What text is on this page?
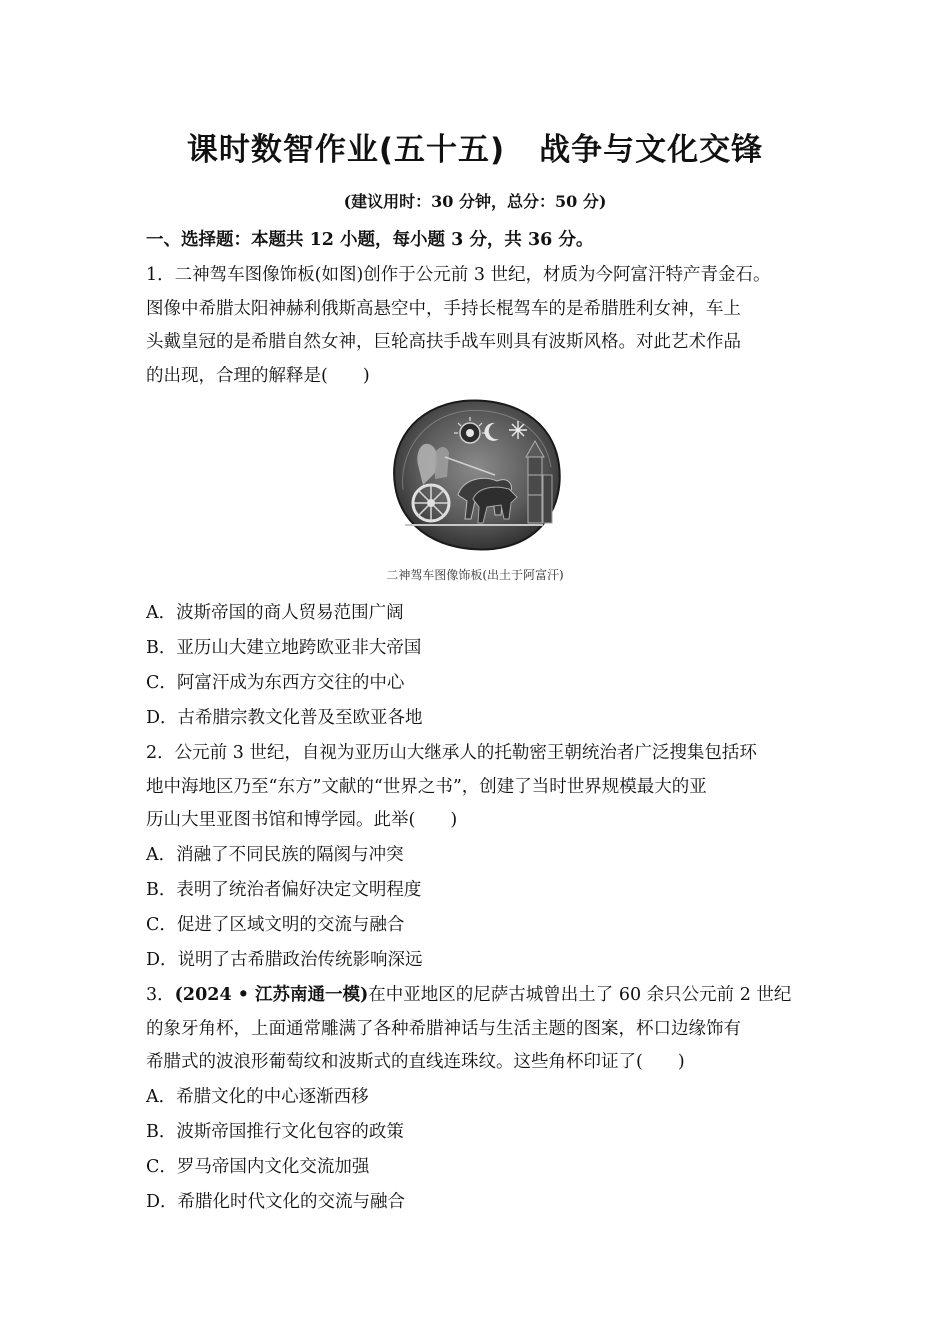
课时数智作业(五十五) 战争与文化交锋
(建议用时：30 分钟，总分：50 分)
一、选择题：本题共 12 小题，每小题 3 分，共 36 分。
1．二神驾车图像饰板(如图)创作于公元前 3 世纪，材质为今阿富汗特产青金石。
图像中希腊太阳神赫利俄斯高悬空中，手持长棍驾车的是希腊胜利女神，车上
头戴皇冠的是希腊自然女神，巨轮高扶手战车则具有波斯风格。对此艺术作品
的出现，合理的解释是(　　)
二神驾车图像饰板(出土于阿富汗)
A．波斯帝国的商人贸易范围广阔
B．亚历山大建立地跨欧亚非大帝国
C．阿富汗成为东西方交往的中心
D．古希腊宗教文化普及至欧亚各地
2．公元前 3 世纪，自视为亚历山大继承人的托勒密王朝统治者广泛搜集包括环
地中海地区乃至“东方”文献的“世界之书”，创建了当时世界规模最大的亚
历山大里亚图书馆和博学园。此举(　　)
A．消融了不同民族的隔阂与冲突
B．表明了统治者偏好决定文明程度
C．促进了区域文明的交流与融合
D．说明了古希腊政治传统影响深远
3．(2024 • 江苏南通一模)在中亚地区的尼萨古城曾出土了 60 余只公元前 2 世纪
的象牙角杯，上面通常雕满了各种希腊神话与生活主题的图案，杯口边缘饰有
希腊式的波浪形葡萄纹和波斯式的直线连珠纹。这些角杯印证了(　　)
A．希腊文化的中心逐渐西移
B．波斯帝国推行文化包容的政策
C．罗马帝国内文化交流加强
D．希腊化时代文化的交流与融合
